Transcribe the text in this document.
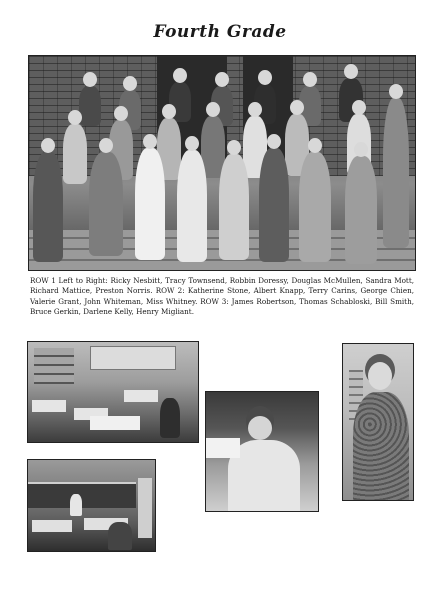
Fourth Grade
ROW 1 Left to Right: Ricky Nesbitt, Tracy Townsend, Robbin Doressy, Douglas McMullen, Sandra Mott, Richard Mattice, Preston Norris. ROW 2: Katherine Stone, Albert Knapp, Terry Carins, George Chien, Valerie Grant, John Whiteman, Miss Whitney. ROW 3: James Robertson, Thomas Schabloski, Bill Smith, Bruce Gerkin, Darlene Kelly, Henry Migliant.
